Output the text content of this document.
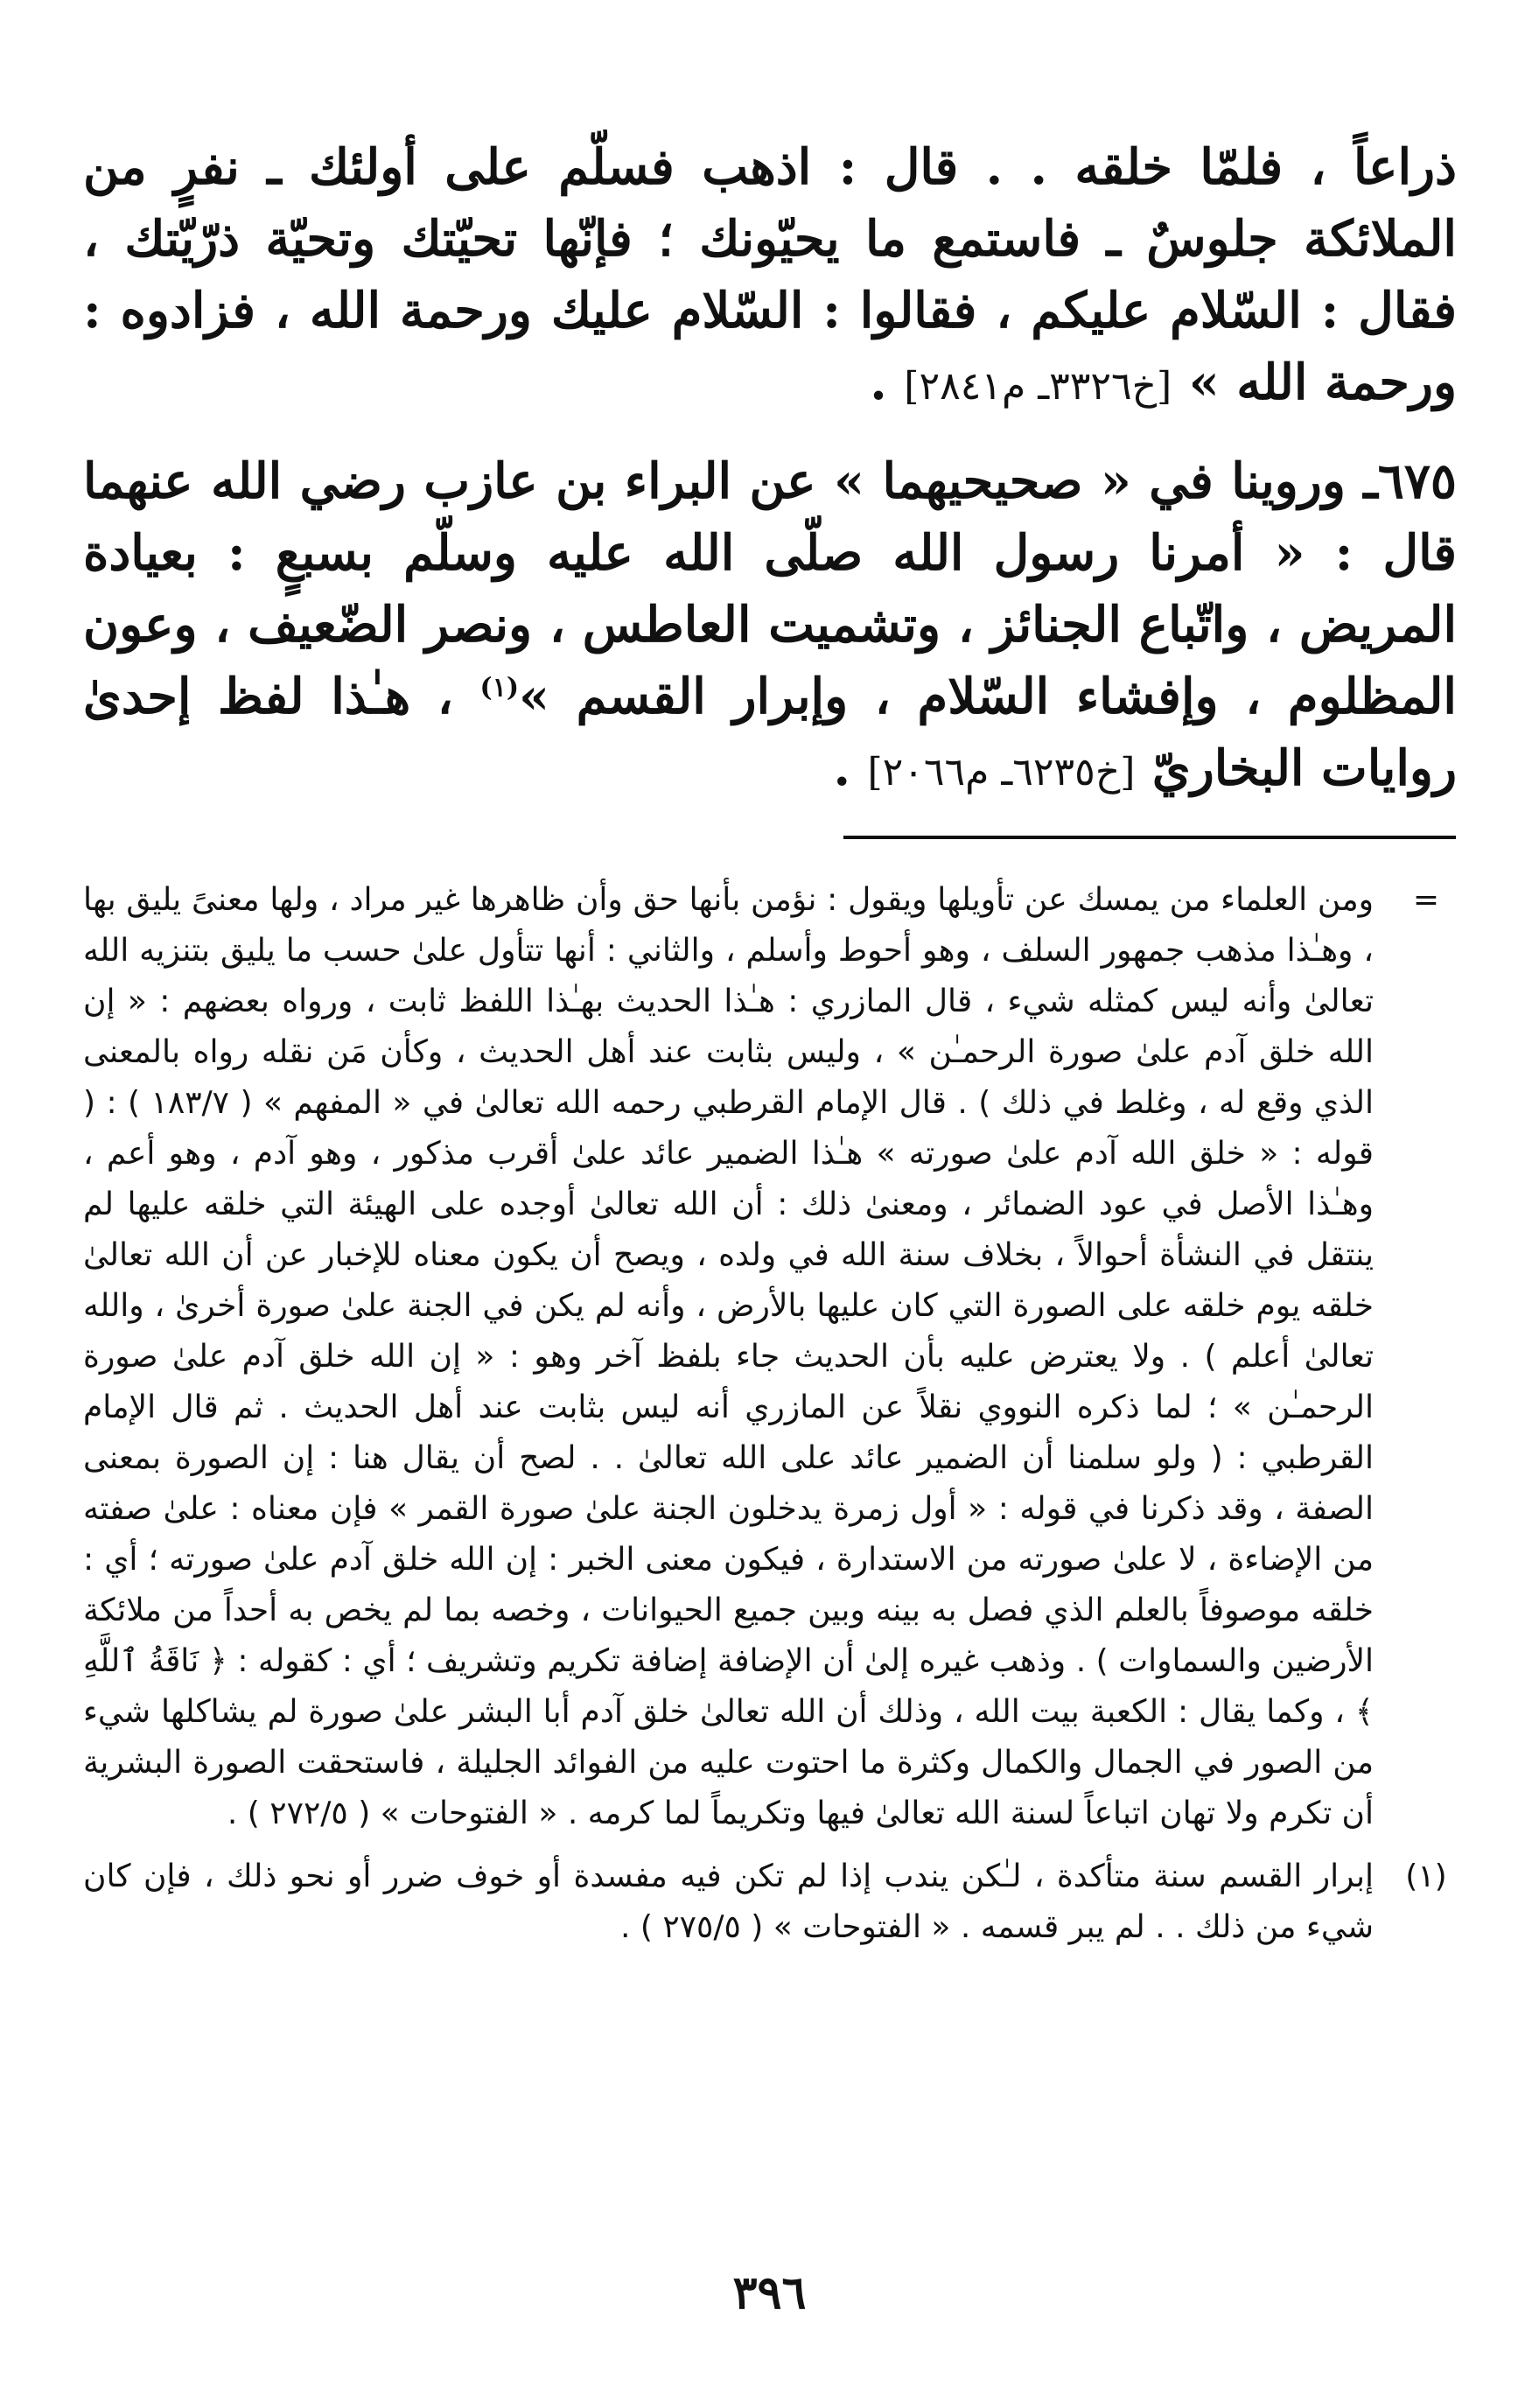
ذراعاً ، فلمّا خلقه . . قال : اذهب فسلّم على أولئك ـ نفرٍ من الملائكة جلوسٌ ـ فاستمع ما يحيّونك ؛ فإنّها تحيّتك وتحيّة ذرّيّتك ، فقال : السّلام عليكم ، فقالوا : السّلام عليك ورحمة الله ، فزادوه : ورحمة الله » [خ٣٣٢٦ـ م٢٨٤١] .

٦٧٥ـ وروينا في « صحيحيهما » عن البراء بن عازب رضي الله عنهما قال : « أمرنا رسول الله صلّى الله عليه وسلّم بسبعٍ : بعيادة المريض ، واتّباع الجنائز ، وتشميت العاطس ، ونصر الضّعيف ، وعون المظلوم ، وإفشاء السّلام ، وإبرار القسم »$^{(١)}$ ، هـٰذا لفظ إحدىٰ روايات البخاريّ [خ٦٢٣٥ـ م٢٠٦٦] .

=
ومن العلماء من يمسك عن تأويلها ويقول : نؤمن بأنها حق وأن ظاهرها غير مراد ، ولها معنىً يليق بها ، وهـٰذا مذهب جمهور السلف ، وهو أحوط وأسلم ، والثاني : أنها تتأول علىٰ حسب ما يليق بتنزيه الله تعالىٰ وأنه ليس كمثله شيء ، قال المازري : هـٰذا الحديث بهـٰذا اللفظ ثابت ، ورواه بعضهم : « إن الله خلق آدم علىٰ صورة الرحمـٰن » ، وليس بثابت عند أهل الحديث ، وكأن مَن نقله رواه بالمعنى الذي وقع له ، وغلط في ذلك ) . قال الإمام القرطبي رحمه الله تعالىٰ في « المفهم » ( ١٨٣/٧ ) : ( قوله : « خلق الله آدم علىٰ صورته » هـٰذا الضمير عائد علىٰ أقرب مذكور ، وهو آدم ، وهو أعم ، وهـٰذا الأصل في عود الضمائر ، ومعنىٰ ذلك : أن الله تعالىٰ أوجده على الهيئة التي خلقه عليها لم ينتقل في النشأة أحوالاً ، بخلاف سنة الله في ولده ، ويصح أن يكون معناه للإخبار عن أن الله تعالىٰ خلقه يوم خلقه على الصورة التي كان عليها بالأرض ، وأنه لم يكن في الجنة علىٰ صورة أخرىٰ ، والله تعالىٰ أعلم ) . ولا يعترض عليه بأن الحديث جاء بلفظ آخر وهو : « إن الله خلق آدم علىٰ صورة الرحمـٰن » ؛ لما ذكره النووي نقلاً عن المازري أنه ليس بثابت عند أهل الحديث . ثم قال الإمام القرطبي : ( ولو سلمنا أن الضمير عائد على الله تعالىٰ . . لصح أن يقال هنا : إن الصورة بمعنى الصفة ، وقد ذكرنا في قوله : « أول زمرة يدخلون الجنة علىٰ صورة القمر » فإن معناه : علىٰ صفته من الإضاءة ، لا علىٰ صورته من الاستدارة ، فيكون معنى الخبر : إن الله خلق آدم علىٰ صورته ؛ أي : خلقه موصوفاً بالعلم الذي فصل به بينه وبين جميع الحيوانات ، وخصه بما لم يخص به أحداً من ملائكة الأرضين والسماوات ) . وذهب غيره إلىٰ أن الإضافة إضافة تكريم وتشريف ؛ أي : كقوله : ﴿ نَاقَةُ ٱللَّهِ ﴾ ، وكما يقال : الكعبة بيت الله ، وذلك أن الله تعالىٰ خلق آدم أبا البشر علىٰ صورة لم يشاكلها شيء من الصور في الجمال والكمال وكثرة ما احتوت عليه من الفوائد الجليلة ، فاستحقت الصورة البشرية أن تكرم ولا تهان اتباعاً لسنة الله تعالىٰ فيها وتكريماً لما كرمه . « الفتوحات » ( ٢٧٢/٥ ) .
(١)
إبرار القسم سنة متأكدة ، لـٰكن يندب إذا لم تكن فيه مفسدة أو خوف ضرر أو نحو ذلك ، فإن كان شيء من ذلك . . لم يبر قسمه . « الفتوحات » ( ٢٧٥/٥ ) .
٣٩٦
